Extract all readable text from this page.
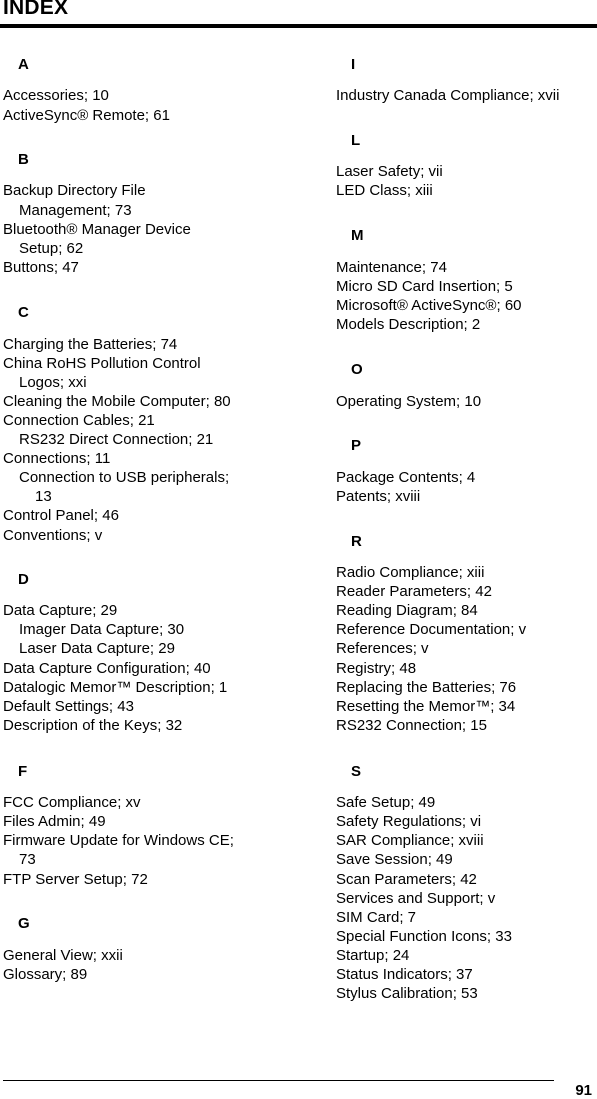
INDEX
A
Accessories; 10
ActiveSync® Remote; 61
B
Backup Directory File
Management; 73
Bluetooth® Manager Device
Setup; 62
Buttons; 47
C
Charging the Batteries; 74
China RoHS Pollution Control
Logos; xxi
Cleaning the Mobile Computer; 80
Connection Cables; 21
RS232 Direct Connection; 21
Connections; 11
Connection to USB peripherals;
13
Control Panel; 46
Conventions; v
D
Data Capture; 29
Imager Data Capture; 30
Laser Data Capture; 29
Data Capture Configuration; 40
Datalogic Memor™ Description; 1
Default Settings; 43
Description of the Keys; 32
F
FCC Compliance; xv
Files Admin; 49
Firmware Update for Windows CE;
73
FTP Server Setup; 72
G
General View; xxii
Glossary; 89
I
Industry Canada Compliance; xvii
L
Laser Safety; vii
LED Class; xiii
M
Maintenance; 74
Micro SD Card Insertion; 5
Microsoft® ActiveSync®; 60
Models Description; 2
O
Operating System; 10
P
Package Contents; 4
Patents; xviii
R
Radio Compliance; xiii
Reader Parameters; 42
Reading Diagram; 84
Reference Documentation; v
References; v
Registry; 48
Replacing the Batteries; 76
Resetting the Memor™; 34
RS232 Connection; 15
S
Safe Setup; 49
Safety Regulations; vi
SAR Compliance; xviii
Save Session; 49
Scan Parameters; 42
Services and Support; v
SIM Card; 7
Special Function Icons; 33
Startup; 24
Status Indicators; 37
Stylus Calibration; 53
91
